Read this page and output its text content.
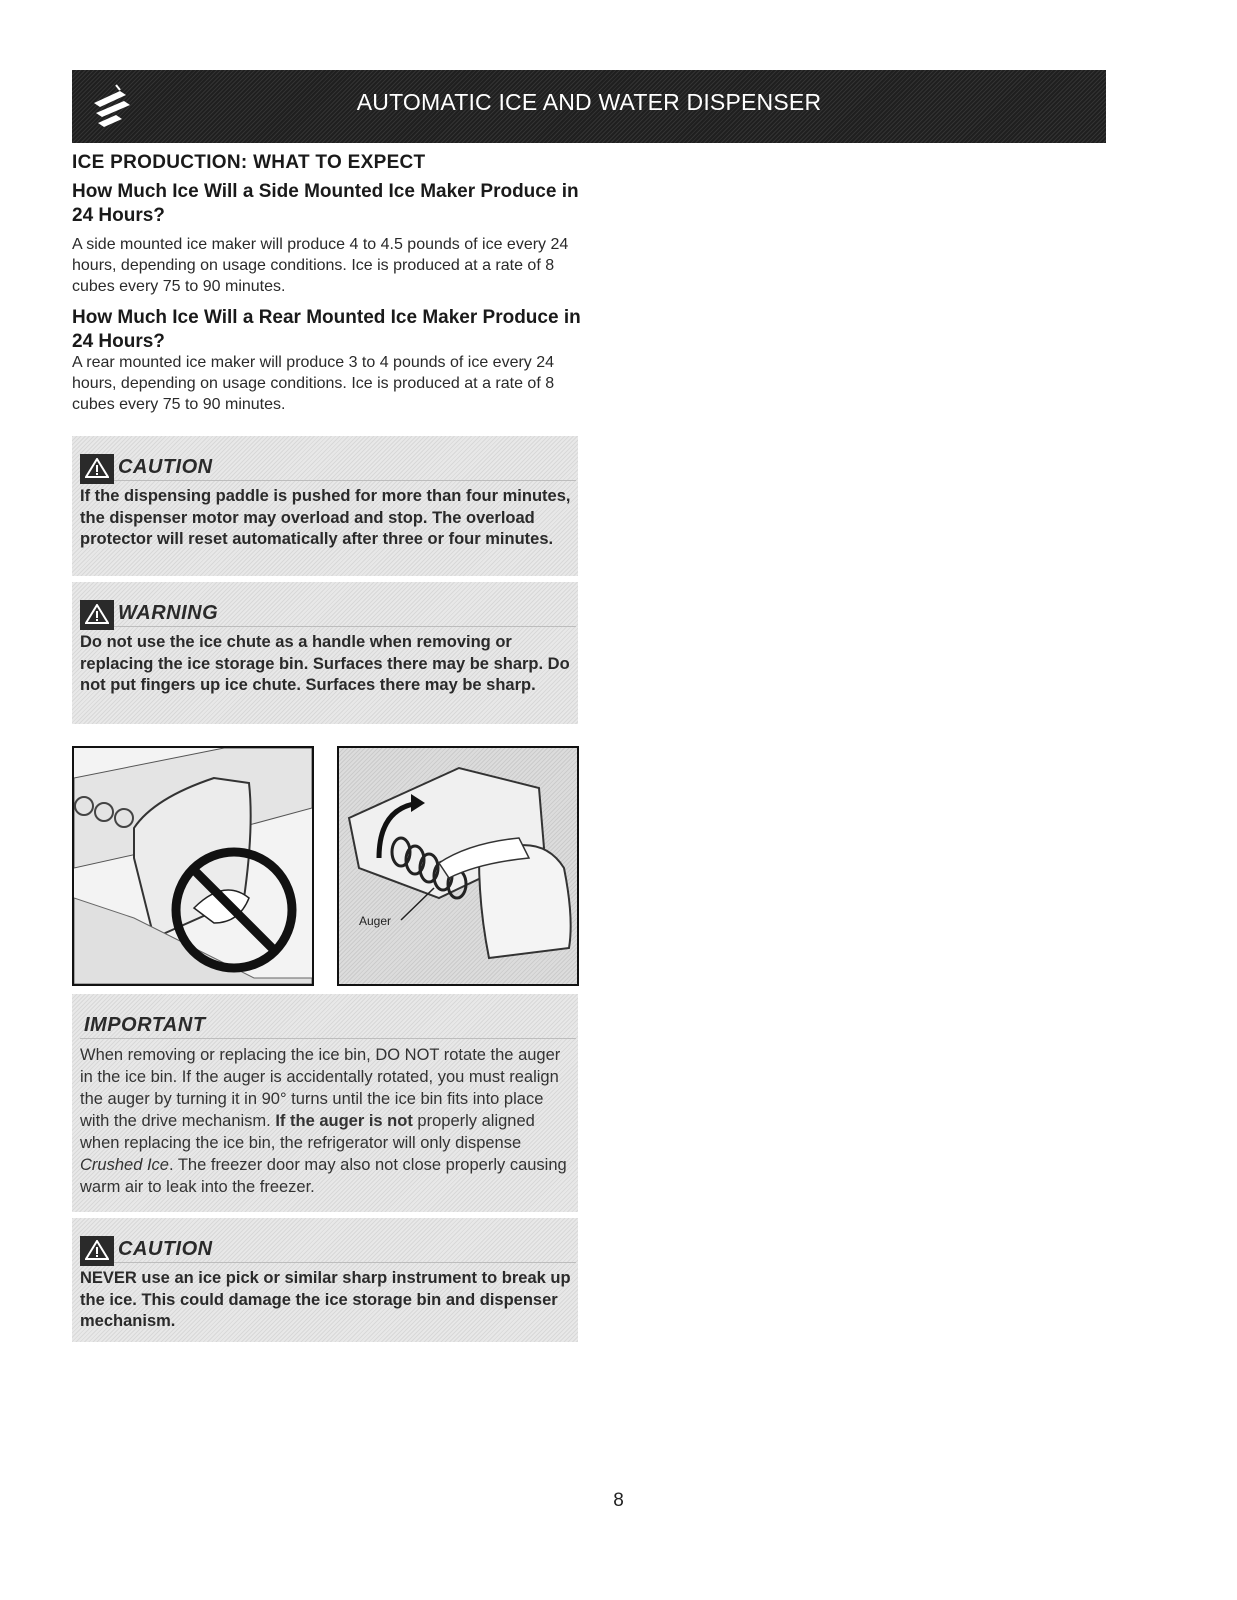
AUTOMATIC ICE AND WATER DISPENSER
ICE PRODUCTION: WHAT TO EXPECT
How Much Ice Will a Side Mounted Ice Maker Produce in 24 Hours?

A side mounted ice maker will produce 4 to 4.5 pounds of ice every 24 hours, depending on usage conditions. Ice is produced at a rate of 8 cubes every 75 to 90 minutes.

How Much Ice Will a Rear Mounted Ice Maker Produce in 24 Hours?

A rear mounted ice maker will produce 3 to 4 pounds of ice every 24 hours, depending on usage conditions. Ice is produced at a rate of 8 cubes every 75 to 90 minutes.

CAUTION
If the dispensing paddle is pushed for more than four minutes, the dispenser motor may overload and stop. The overload protector will reset automatically after three or four minutes.
WARNING
Do not use the ice chute as a handle when removing or replacing the ice storage bin. Surfaces there may be sharp. Do not put fingers up ice chute. Surfaces there may be sharp.
Auger
IMPORTANT
When removing or replacing the ice bin, DO NOT rotate the auger in the ice bin. If the auger is accidentally rotated, you must realign the auger by turning it in 90° turns until the ice bin fits into place with the drive mechanism. If the auger is not properly aligned when replacing the ice bin, the refrigerator will only dispense Crushed Ice. The freezer door may also not close properly causing warm air to leak into the freezer.
CAUTION
NEVER use an ice pick or similar sharp instrument to break up the ice. This could damage the ice storage bin and dispenser mechanism.
8
